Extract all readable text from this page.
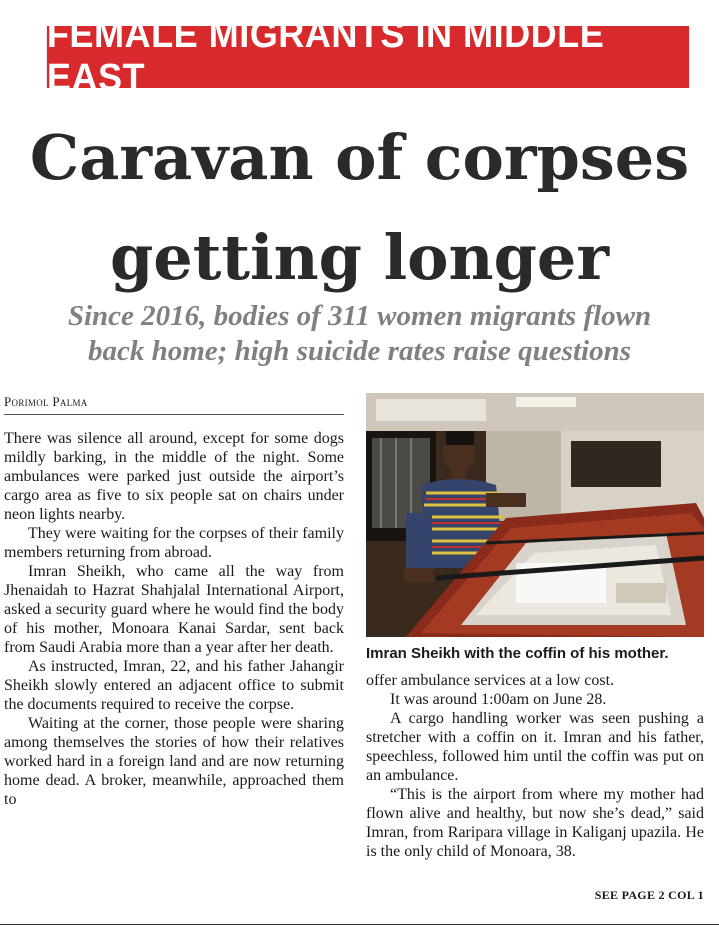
FEMALE MIGRANTS IN MIDDLE EAST
Caravan of corpses
getting longer
Since 2016, bodies of 311 women migrants flown
back home; high suicide rates raise questions
Porimol Palma

There was silence all around, except for some dogs mildly barking, in the middle of the night. Some ambulances were parked just outside the airport’s cargo area as five to six people sat on chairs under neon lights nearby.

They were waiting for the corpses of their family members returning from abroad.

Imran Sheikh, who came all the way from Jhenaidah to Hazrat Shahjalal International Airport, asked a security guard where he would find the body of his mother, Monoara Kanai Sardar, sent back from Saudi Arabia more than a year after her death.

As instructed, Imran, 22, and his father Jahangir Sheikh slowly entered an adjacent office to submit the documents required to receive the corpse.

Waiting at the corner, those people were sharing among themselves the stories of how their relatives worked hard in a foreign land and are now returning home dead. A broker, meanwhile, approached them to

Imran Sheikh with the coffin of his mother.

offer ambulance services at a low cost.

It was around 1:00am on June 28.

A cargo handling worker was seen pushing a stretcher with a coffin on it. Imran and his father, speechless, followed him until the coffin was put on an ambulance.

“This is the airport from where my mother had flown alive and healthy, but now she’s dead,” said Imran, from Raripara village in Kaliganj upazila. He is the only child of Monoara, 38.

SEE PAGE 2 COL 1
